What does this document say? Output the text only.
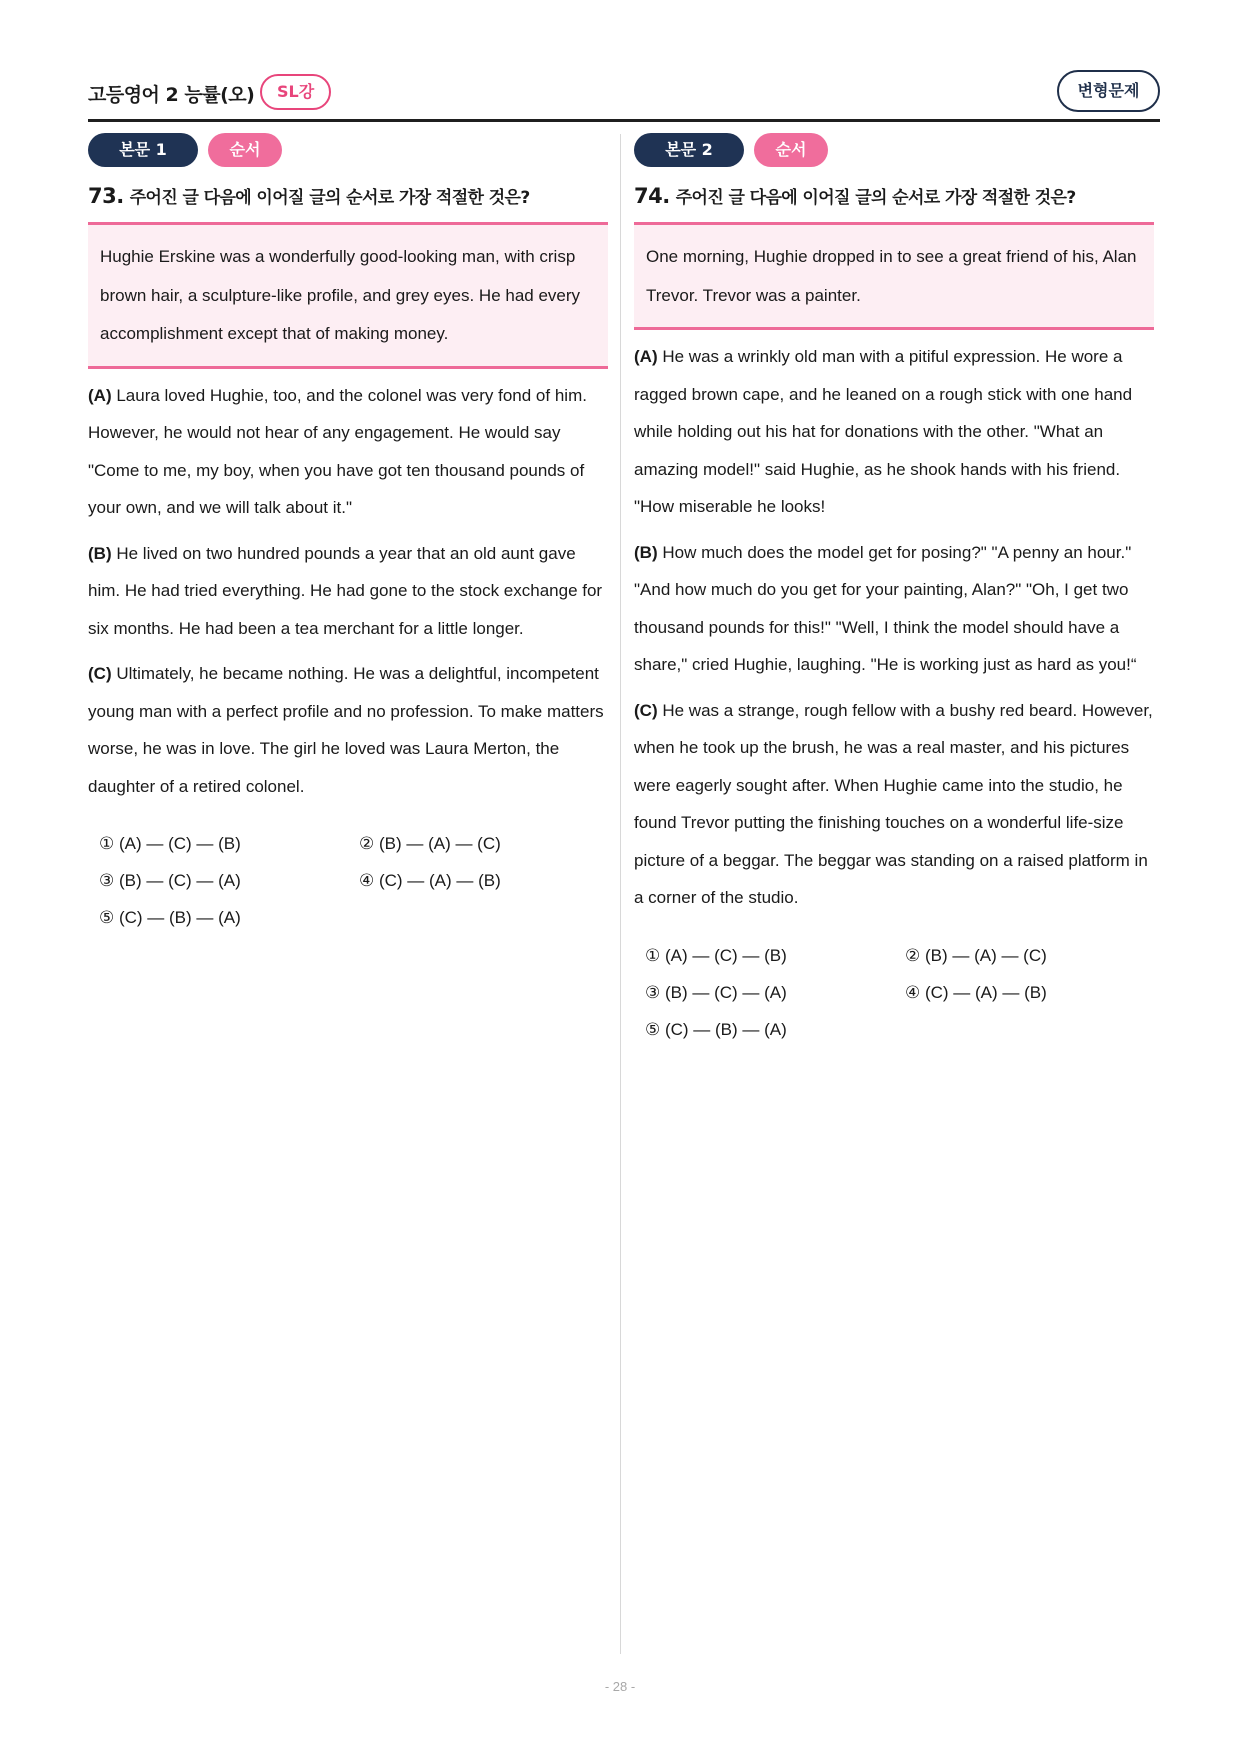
고등영어 2 능률(오)	SL강	변형문제
본문 1	순서
73. 주어진 글 다음에 이어질 글의 순서로 가장 적절한 것은?
Hughie Erskine was a wonderfully good-looking man, with crisp brown hair, a sculpture-like profile, and grey eyes. He had every accomplishment except that of making money.
(A) Laura loved Hughie, too, and the colonel was very fond of him. However, he would not hear of any engagement. He would say "Come to me, my boy, when you have got ten thousand pounds of your own, and we will talk about it."
(B) He lived on two hundred pounds a year that an old aunt gave him. He had tried everything. He had gone to the stock exchange for six months. He had been a tea merchant for a little longer.
(C) Ultimately, he became nothing. He was a delightful, incompetent young man with a perfect profile and no profession. To make matters worse, he was in love. The girl he loved was Laura Merton, the daughter of a retired colonel.
① (A) ― (C) ― (B)	② (B) ― (A) ― (C)
③ (B) ― (C) ― (A)	④ (C) ― (A) ― (B)
⑤ (C) ― (B) ― (A)
본문 2	순서
74. 주어진 글 다음에 이어질 글의 순서로 가장 적절한 것은?
One morning, Hughie dropped in to see a great friend of his, Alan Trevor. Trevor was a painter.
(A) He was a wrinkly old man with a pitiful expression. He wore a ragged brown cape, and he leaned on a rough stick with one hand while holding out his hat for donations with the other. "What an amazing model!" said Hughie, as he shook hands with his friend. "How miserable he looks!
(B) How much does the model get for posing?" "A penny an hour." "And how much do you get for your painting, Alan?" "Oh, I get two thousand pounds for this!" "Well, I think the model should have a share," cried Hughie, laughing. "He is working just as hard as you!“
(C) He was a strange, rough fellow with a bushy red beard. However, when he took up the brush, he was a real master, and his pictures were eagerly sought after. When Hughie came into the studio, he found Trevor putting the finishing touches on a wonderful life-size picture of a beggar. The beggar was standing on a raised platform in a corner of the studio.
① (A) ― (C) ― (B)	② (B) ― (A) ― (C)
③ (B) ― (C) ― (A)	④ (C) ― (A) ― (B)
⑤ (C) ― (B) ― (A)
- 28 -
